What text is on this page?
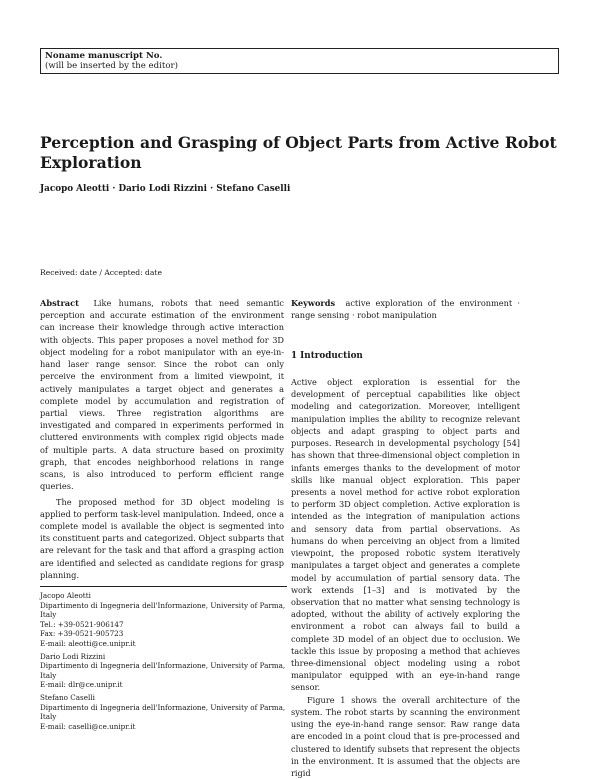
Noname manuscript No.
(will be inserted by the editor)
Perception and Grasping of Object Parts from Active Robot Exploration
Jacopo Aleotti · Dario Lodi Rizzini · Stefano Caselli
Received: date / Accepted: date

Abstract Like humans, robots that need semantic perception and accurate estimation of the environment can increase their knowledge through active interaction with objects. This paper proposes a novel method for 3D object modeling for a robot manipulator with an eye-in-hand laser range sensor. Since the robot can only perceive the environment from a limited viewpoint, it actively manipulates a target object and generates a complete model by accumulation and registration of partial views. Three registration algorithms are investigated and compared in experiments performed in cluttered environments with complex rigid objects made of multiple parts. A data structure based on proximity graph, that encodes neighborhood relations in range scans, is also introduced to perform efficient range queries.

The proposed method for 3D object modeling is applied to perform task-level manipulation. Indeed, once a complete model is available the object is segmented into its constituent parts and categorized. Object subparts that are relevant for the task and that afford a grasping action are identified and selected as candidate regions for grasp planning.

Keywords active exploration of the environment · range sensing · robot manipulation

1 Introduction

Active object exploration is essential for the development of perceptual capabilities like object modeling and categorization. Moreover, intelligent manipulation implies the ability to recognize relevant objects and adapt grasping to object parts and purposes. Research in developmental psychology [54] has shown that three-dimensional object completion in infants emerges thanks to the development of motor skills like manual object exploration. This paper presents a novel method for active robot exploration to perform 3D object completion. Active exploration is intended as the integration of manipulation actions and sensory data from partial observations. As humans do when perceiving an object from a limited viewpoint, the proposed robotic system iteratively manipulates a target object and generates a complete model by accumulation of partial sensory data. The work extends [1–3] and is motivated by the observation that no matter what sensing technology is adopted, without the ability of actively exploring the environment a robot can always fail to build a complete 3D model of an object due to occlusion. We tackle this issue by proposing a method that achieves three-dimensional object modeling using a robot manipulator equipped with an eye-in-hand range sensor.

Figure 1 shows the overall architecture of the system. The robot starts by scanning the environment using the eye-in-hand range sensor. Raw range data are encoded in a point cloud that is pre-processed and clustered to identify subsets that represent the objects in the environment. It is assumed that the objects are rigid

Jacopo Aleotti
Dipartimento di Ingegneria dell'Informazione, University of Parma, Italy
Tel.: +39-0521-906147
Fax: +39-0521-905723
E-mail: aleotti@ce.unipr.it

Dario Lodi Rizzini
Dipartimento di Ingegneria dell'Informazione, University of Parma, Italy
E-mail: dlr@ce.unipr.it

Stefano Caselli
Dipartimento di Ingegneria dell'Informazione, University of Parma, Italy
E-mail: caselli@ce.unipr.it
